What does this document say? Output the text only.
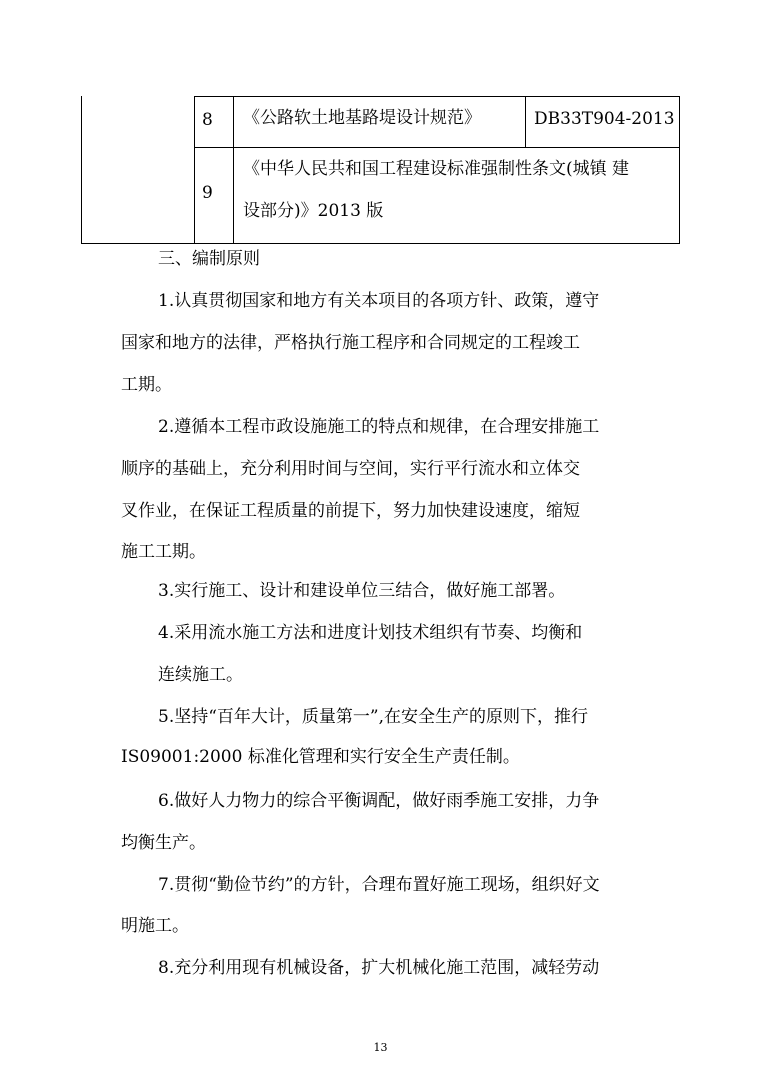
8 《公路软土地基路堤设计规范》	DB33T904-2013
9
《中华人民共和国工程建设标准强制性条文(城镇 建
设部分)》2013 版
三、编制原则
1.认真贯彻国家和地方有关本项目的各项方针、政策，遵守
国家和地方的法律，严格执行施工程序和合同规定的工程竣工
工期。
2.遵循本工程市政设施施工的特点和规律，在合理安排施工
顺序的基础上，充分利用时间与空间，实行平行流水和立体交
叉作业，在保证工程质量的前提下，努力加快建设速度，缩短
施工工期。
3.实行施工、设计和建设单位三结合，做好施工部署。
4.采用流水施工方法和进度计划技术组织有节奏、均衡和
连续施工。
5.坚持“百年大计，质量第一”,在安全生产的原则下，推行
IS09001:2000 标准化管理和实行安全生产责任制。
6.做好人力物力的综合平衡调配，做好雨季施工安排，力争
均衡生产。
7.贯彻“勤俭节约”的方针，合理布置好施工现场，组织好文
明施工。
8.充分利用现有机械设备，扩大机械化施工范围，减轻劳动
13
